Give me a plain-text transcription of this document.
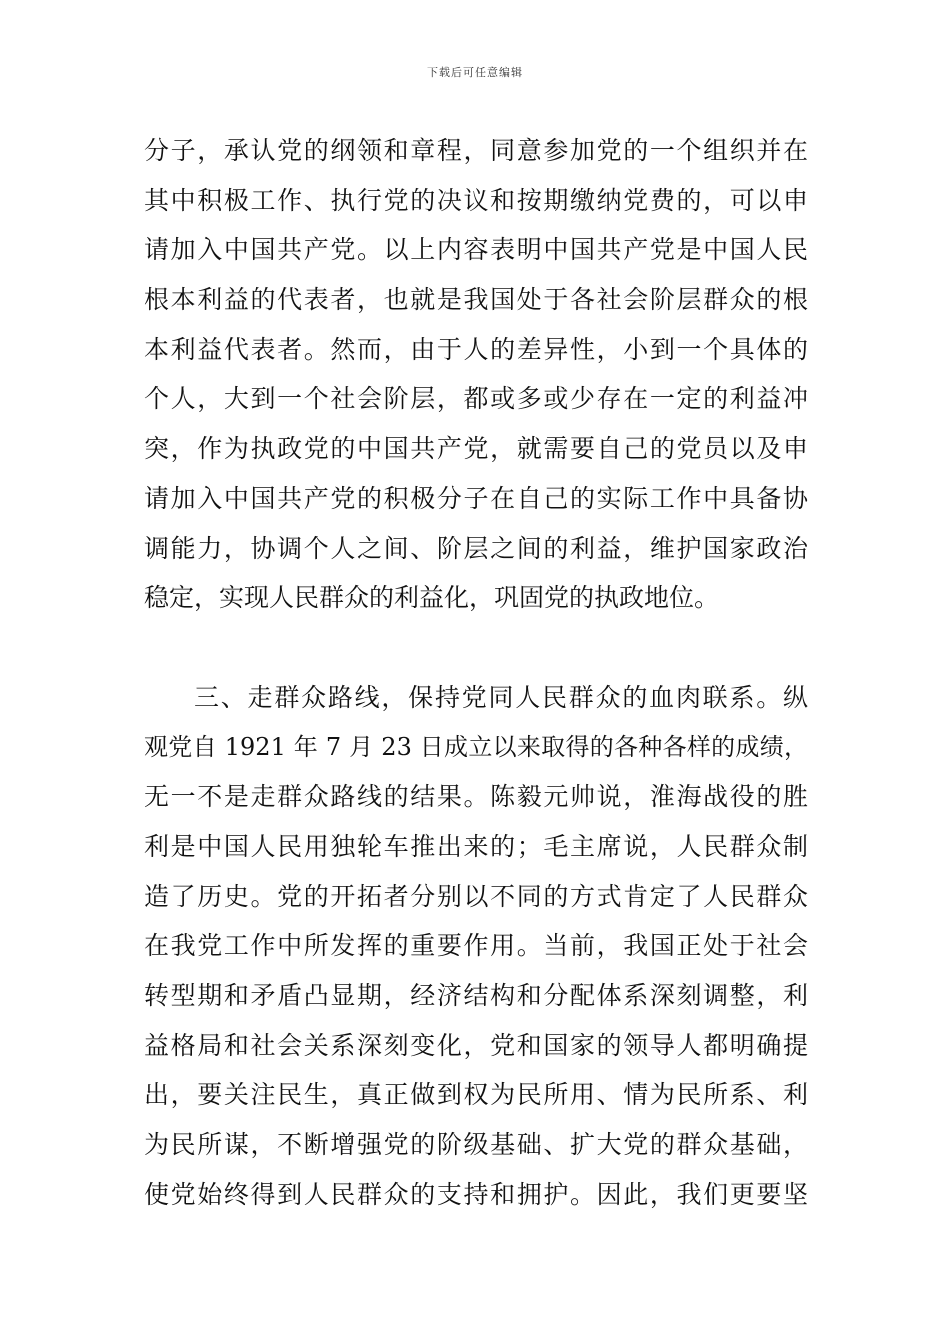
下载后可任意编辑
分子，承认党的纲领和章程，同意参加党的一个组织并在
其中积极工作、执行党的决议和按期缴纳党费的，可以申
请加入中国共产党。以上内容表明中国共产党是中国人民
根本利益的代表者，也就是我国处于各社会阶层群众的根
本利益代表者。然而，由于人的差异性，小到一个具体的
个人，大到一个社会阶层，都或多或少存在一定的利益冲
突，作为执政党的中国共产党，就需要自己的党员以及申
请加入中国共产党的积极分子在自己的实际工作中具备协
调能力，协调个人之间、阶层之间的利益，维护国家政治
稳定，实现人民群众的利益化，巩固党的执政地位。
三、走群众路线，保持党同人民群众的血肉联系。纵
观党自 1921 年 7 月 23 日成立以来取得的各种各样的成绩，
无一不是走群众路线的结果。陈毅元帅说，淮海战役的胜
利是中国人民用独轮车推出来的；毛主席说，人民群众制
造了历史。党的开拓者分别以不同的方式肯定了人民群众
在我党工作中所发挥的重要作用。当前，我国正处于社会
转型期和矛盾凸显期，经济结构和分配体系深刻调整，利
益格局和社会关系深刻变化，党和国家的领导人都明确提
出，要关注民生，真正做到权为民所用、情为民所系、利
为民所谋，不断增强党的阶级基础、扩大党的群众基础，
使党始终得到人民群众的支持和拥护。因此，我们更要坚
